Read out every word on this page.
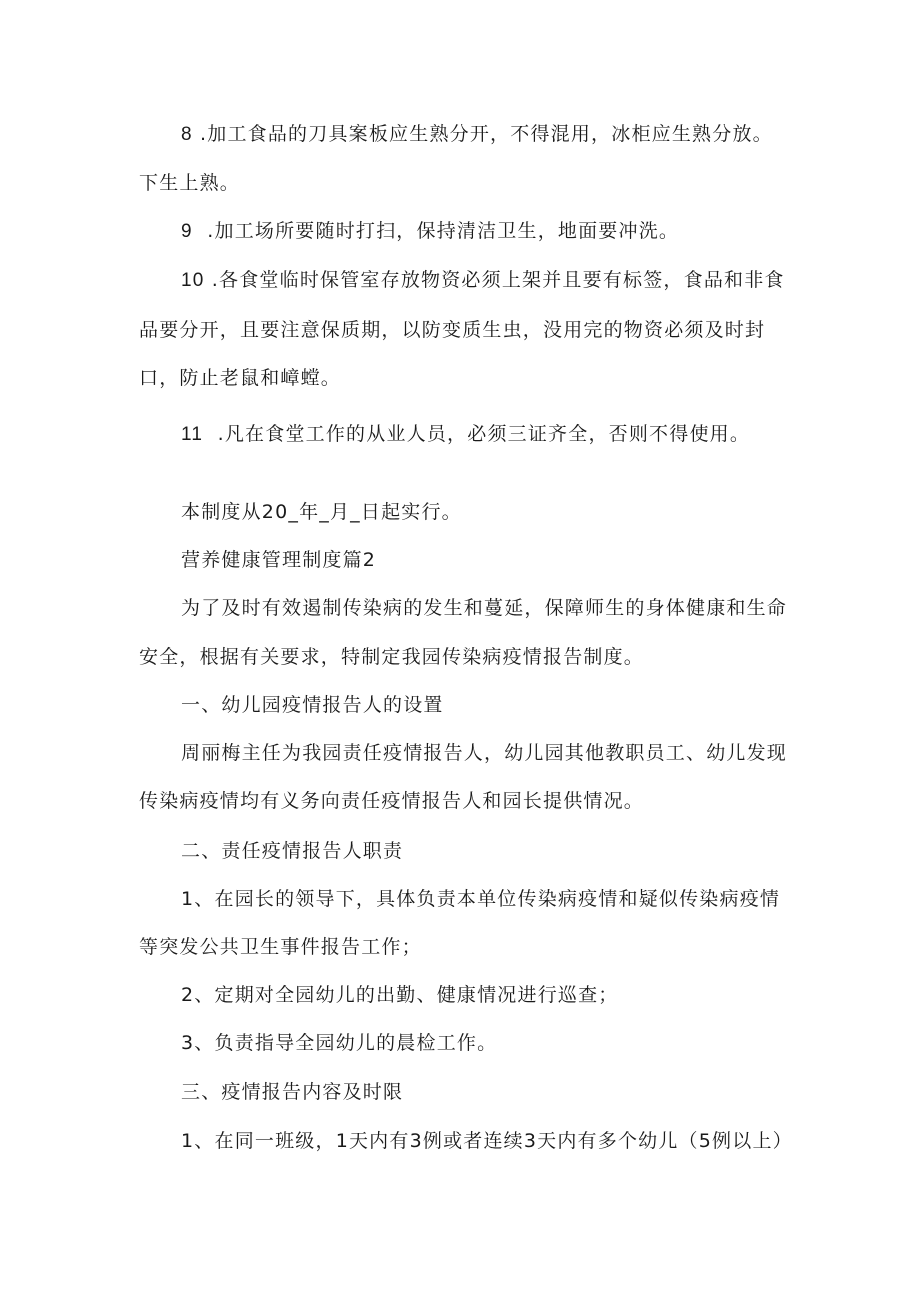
8 .加工食品的刀具案板应生熟分开，不得混用，冰柜应生熟分放。
下生上熟。
9  .加工场所要随时打扫，保持清洁卫生，地面要冲洗。
10 .各食堂临时保管室存放物资必须上架并且要有标签，食品和非食
品要分开，且要注意保质期，以防变质生虫，没用完的物资必须及时封
口，防止老鼠和嶂螳。
11  .凡在食堂工作的从业人员，必须三证齐全，否则不得使用。
本制度从20_年_月_日起实行。
营养健康管理制度篇2
为了及时有效遏制传染病的发生和蔓延，保障师生的身体健康和生命
安全，根据有关要求，特制定我园传染病疫情报告制度。
一、幼儿园疫情报告人的设置
周丽梅主任为我园责任疫情报告人，幼儿园其他教职员工、幼儿发现
传染病疫情均有义务向责任疫情报告人和园长提供情况。
二、责任疫情报告人职责
1、在园长的领导下，具体负责本单位传染病疫情和疑似传染病疫情
等突发公共卫生事件报告工作；
2、定期对全园幼儿的出勤、健康情况进行巡查；
3、负责指导全园幼儿的晨检工作。
三、疫情报告内容及时限
1、在同一班级，1天内有3例或者连续3天内有多个幼儿（5例以上）
